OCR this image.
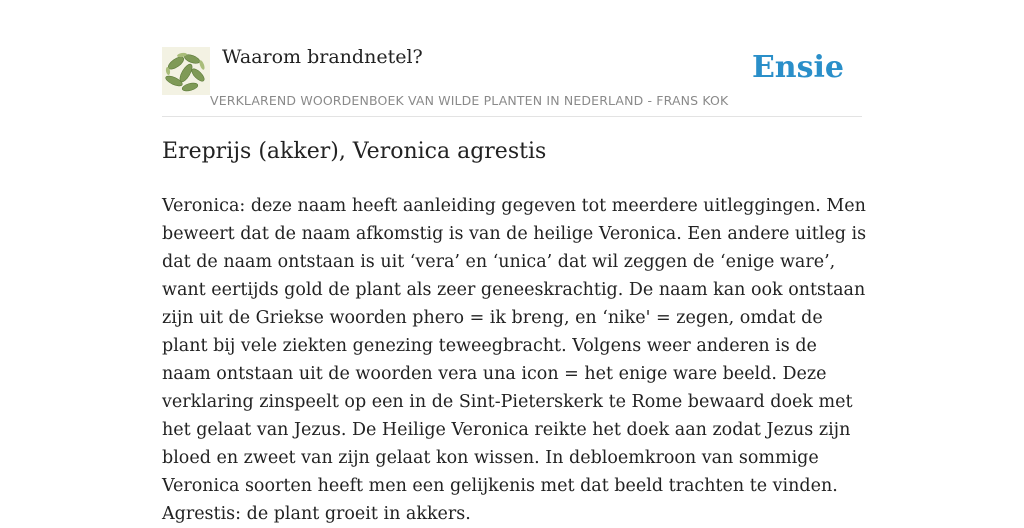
Waarom brandnetel?
VERKLAREND WOORDENBOEK VAN WILDE PLANTEN IN NEDERLAND - FRANS KOK
Ensie
Ereprijs (akker), Veronica agrestis

Veronica: deze naam heeft aanleiding gegeven tot meerdere uitleggingen. Men beweert dat de naam afkomstig is van de heilige Veronica. Een andere uitleg is dat de naam ontstaan is uit ‘vera’ en ‘unica’ dat wil zeggen de ‘enige ware’, want eertijds gold de plant als zeer geneeskrachtig. De naam kan ook ontstaan zijn uit de Griekse woorden phero = ik breng, en ‘nike' = zegen, omdat de plant bij vele ziekten genezing teweegbracht. Volgens weer anderen is de naam ontstaan uit de woorden vera una icon = het enige ware beeld. Deze verklaring zinspeelt op een in de Sint-Pieterskerk te Rome bewaard doek met het gelaat van Jezus. De Heilige Veronica reikte het doek aan zodat Jezus zijn bloed en zweet van zijn gelaat kon wissen. In debloemkroon van sommige Veronica soorten heeft men een gelijkenis met dat beeld trachten te vinden.

Agrestis: de plant groeit in akkers.
